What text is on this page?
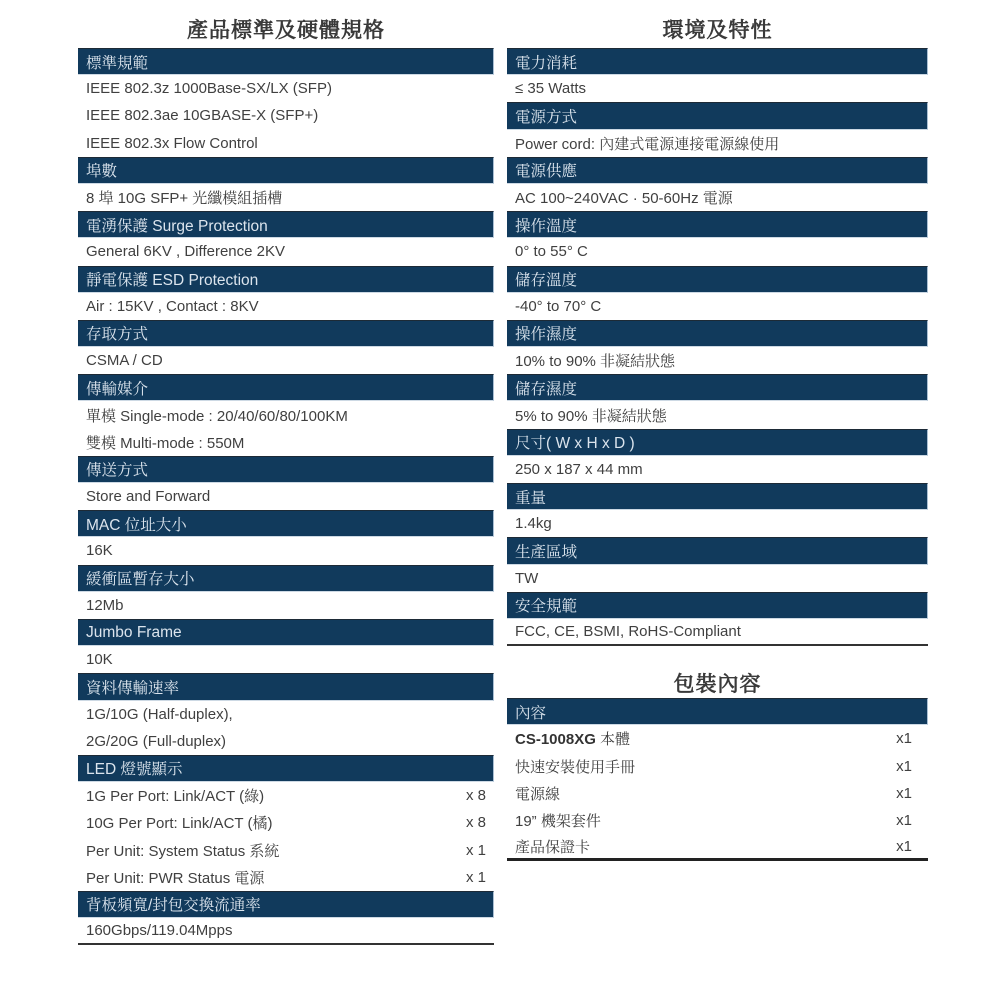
產品標準及硬體規格
標準規範
IEEE 802.3z 1000Base-SX/LX (SFP)
IEEE 802.3ae 10GBASE-X (SFP+)
IEEE 802.3x Flow Control
埠數
8 埠 10G SFP+ 光纖模組插槽
電湧保護 Surge Protection
General 6KV , Difference 2KV
靜電保護 ESD Protection
Air : 15KV , Contact : 8KV
存取方式
CSMA / CD
傳輸媒介
單模 Single-mode : 20/40/60/80/100KM
雙模 Multi-mode : 550M
傳送方式
Store and Forward
MAC 位址大小
16K
緩衝區暫存大小
12Mb
Jumbo Frame
10K
資料傳輸速率
1G/10G (Half-duplex),
2G/20G (Full-duplex)
LED 燈號顯示
1G Per Port: Link/ACT (綠)	x 8
10G Per Port: Link/ACT (橘)	x 8
Per Unit: System Status 系統	x 1
Per Unit: PWR Status 電源	x 1
背板頻寬/封包交換流通率
160Gbps/119.04Mpps
環境及特性
電力消耗
≤ 35 Watts
電源方式
Power cord: 內建式電源連接電源線使用
電源供應
AC 100~240VAC · 50-60Hz 電源
操作溫度
0° to 55° C
儲存溫度
-40° to 70° C
操作濕度
10% to 90% 非凝結狀態
儲存濕度
5% to 90% 非凝結狀態
尺寸( W x H x D )
250 x 187 x 44 mm
重量
1.4kg
生產區域
TW
安全規範
FCC, CE, BSMI, RoHS-Compliant
包裝內容
內容
CS-1008XG 本體	x1
快速安裝使用手冊	x1
電源線	x1
19” 機架套件	x1
產品保證卡	x1
